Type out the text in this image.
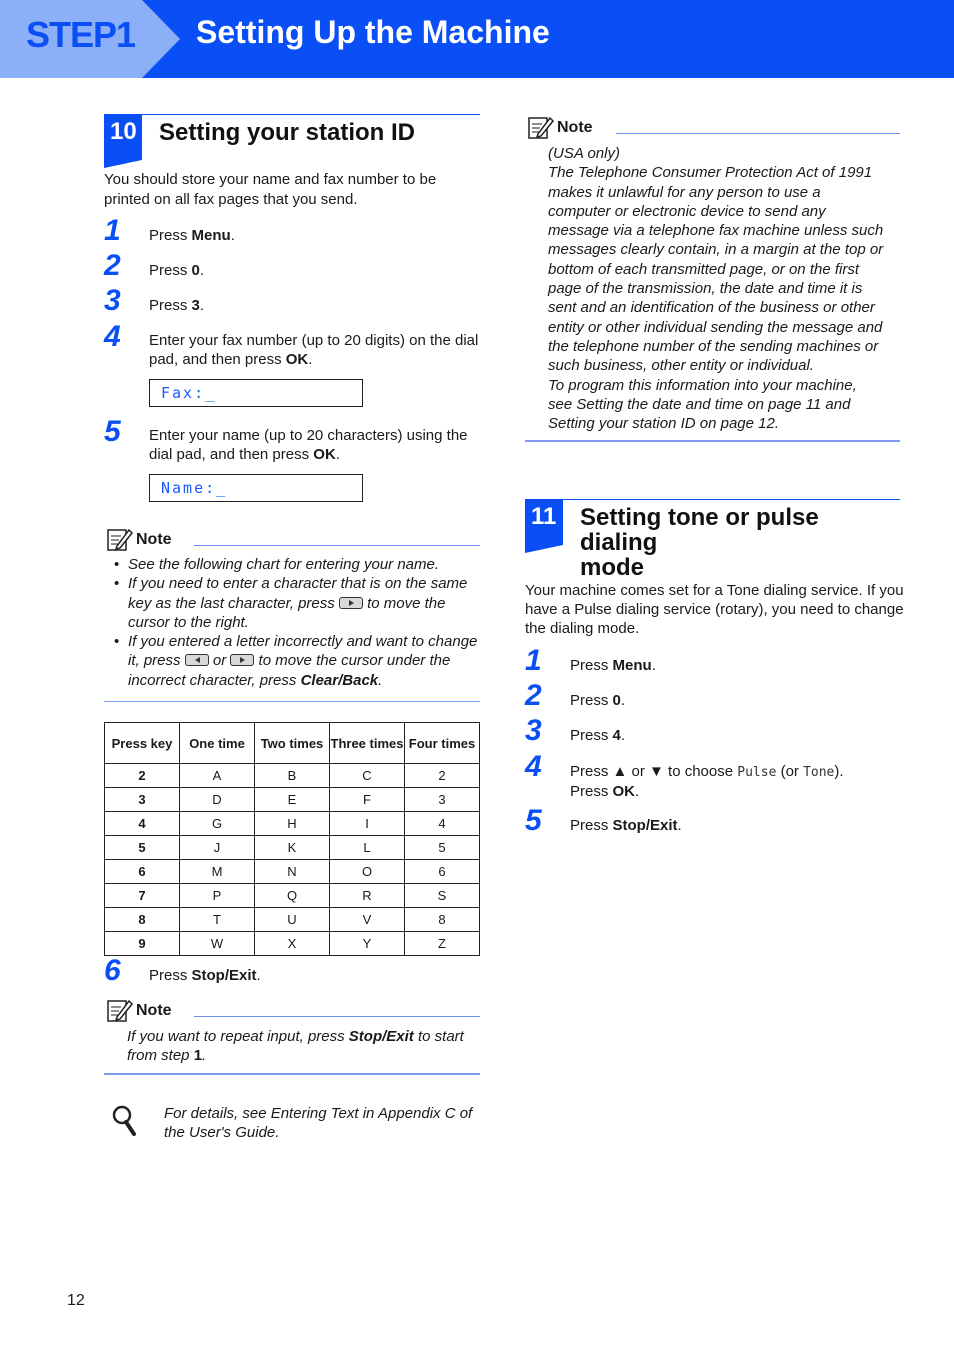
STEP1 Setting Up the Machine
10 Setting your station ID
You should store your name and fax number to be printed on all fax pages that you send.
1 Press Menu.
2 Press 0.
3 Press 3.
4 Enter your fax number (up to 20 digits) on the dial pad, and then press OK.
Fax:_
5 Enter your name (up to 20 characters) using the dial pad, and then press OK.
Name:_
Note
• See the following chart for entering your name.
• If you need to enter a character that is on the same key as the last character, press  to move the cursor to the right.
• If you entered a letter incorrectly and want to change it, press  or  to move the cursor under the incorrect character, press Clear/Back.
Press key	One time	Two times	Three times	Four times
2	A	B	C	2
3	D	E	F	3
4	G	H	I	4
5	J	K	L	5
6	M	N	O	6
7	P	Q	R	S
8	T	U	V	8
9	W	X	Y	Z
6 Press Stop/Exit.
Note
If you want to repeat input, press Stop/Exit to start from step 1.
For details, see Entering Text in Appendix C of the User's Guide.
Note
(USA only)
The Telephone Consumer Protection Act of 1991
makes it unlawful for any person to use a
computer or electronic device to send any
message via a telephone fax machine unless such
messages clearly contain, in a margin at the top or
bottom of each transmitted page, or on the first
page of the transmission, the date and time it is
sent and an identification of the business or other
entity or other individual sending the message and
the telephone number of the sending machines or
such business, other entity or individual.
To program this information into your machine,
see Setting the date and time on page 11 and
Setting your station ID on page 12.
11 Setting tone or pulse dialing
mode
Your machine comes set for a Tone dialing service. If you have a Pulse dialing service (rotary), you need to change the dialing mode.
1 Press Menu.
2 Press 0.
3 Press 4.
4 Press ▲ or ▼ to choose Pulse (or Tone).
Press OK.
5 Press Stop/Exit.
12
